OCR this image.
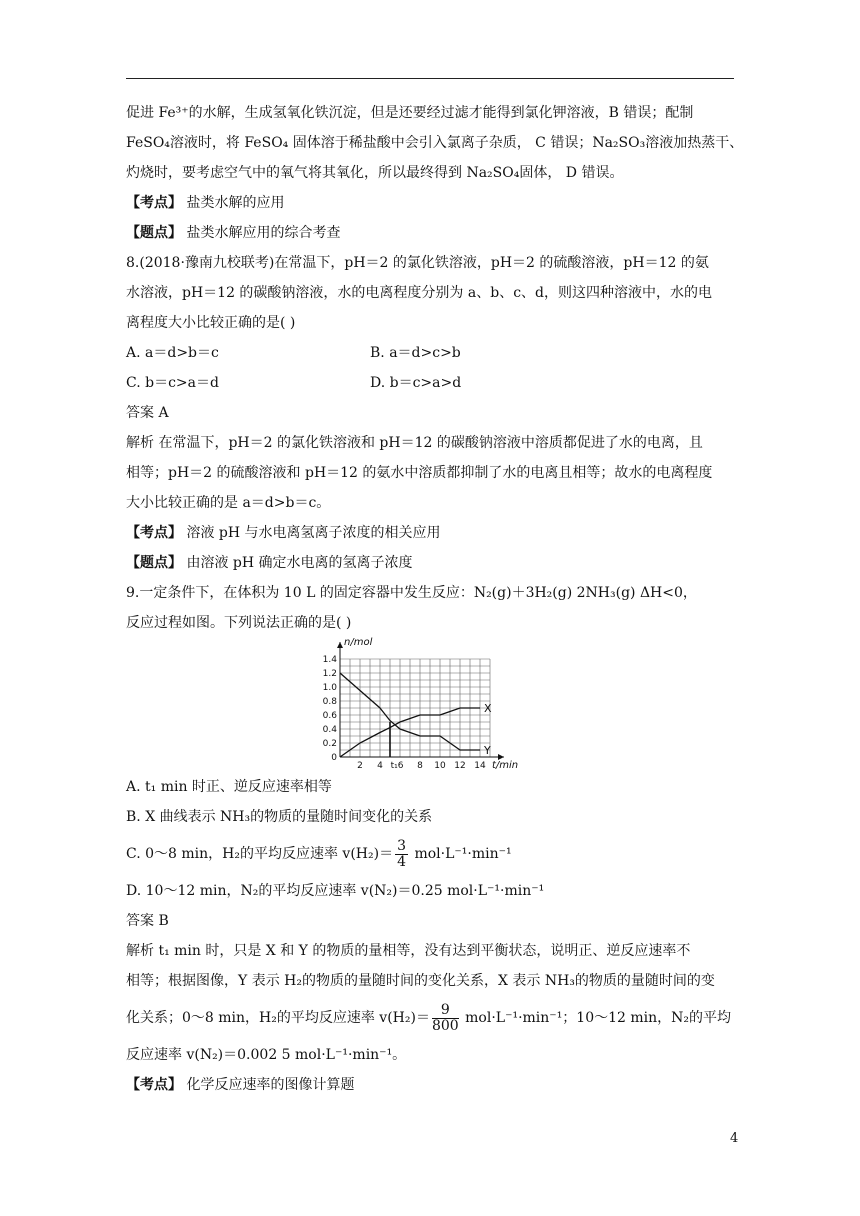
促进 Fe³⁺的水解，生成氢氧化铁沉淀，但是还要经过滤才能得到氯化钾溶液，B 错误；配制
FeSO₄溶液时，将 FeSO₄ 固体溶于稀盐酸中会引入氯离子杂质， C 错误；Na₂SO₃溶液加热蒸干、
灼烧时，要考虑空气中的氧气将其氧化，所以最终得到 Na₂SO₄固体， D 错误。
【考点】 盐类水解的应用
【题点】 盐类水解应用的综合考查
8.(2018·豫南九校联考)在常温下，pH＝2 的氯化铁溶液，pH＝2 的硫酸溶液，pH＝12 的氨
水溶液，pH＝12 的碳酸钠溶液，水的电离程度分别为 a、b、c、d，则这四种溶液中，水的电
离程度大小比较正确的是( )
A. a＝d>b＝c	B. a＝d>c>b
C. b＝c>a＝d	D. b＝c>a>d
答案 A
解析 在常温下，pH＝2 的氯化铁溶液和 pH＝12 的碳酸钠溶液中溶质都促进了水的电离，且
相等；pH＝2 的硫酸溶液和 pH＝12 的氨水中溶质都抑制了水的电离且相等；故水的电离程度
大小比较正确的是 a＝d>b＝c。
【考点】 溶液 pH 与水电离氢离子浓度的相关应用
【题点】 由溶液 pH 确定水电离的氢离子浓度
9.一定条件下，在体积为 10 L 的固定容器中发生反应：N₂(g)＋3H₂(g) 2NH₃(g) ΔH<0，
反应过程如图。下列说法正确的是( )
2 4 t₁6 8 10 12 14
0
0.2
0.4
0.6
0.8
1.0
1.2
1.4
n/mol
t/min
X
Y
A. t₁ min 时正、逆反应速率相等
B. X 曲线表示 NH₃的物质的量随时间变化的关系
C. 0～8 min，H₂的平均反应速率 $v(H_2)= \frac{3}{4} mol\cdot L^{-1}\cdot\min^{-1}$
D. 10～12 min，N₂的平均反应速率 v(N₂)＝0.25 mol·L⁻¹·min⁻¹
答案 B
解析 t₁ min 时，只是 X 和 Y 的物质的量相等，没有达到平衡状态，说明正、逆反应速率不
相等；根据图像，Y 表示 H₂的物质的量随时间的变化关系，X 表示 NH₃的物质的量随时间的变
化关系；0～8 min，H₂的平均反应速率 $v(H_2)= \frac{9}{800} mol\cdot L^{-1}\cdot\min^{-1}$；10～12 min，N₂的平均
反应速率 v(N₂)＝0.002 5 mol·L⁻¹·min⁻¹。
【考点】 化学反应速率的图像计算题
4
